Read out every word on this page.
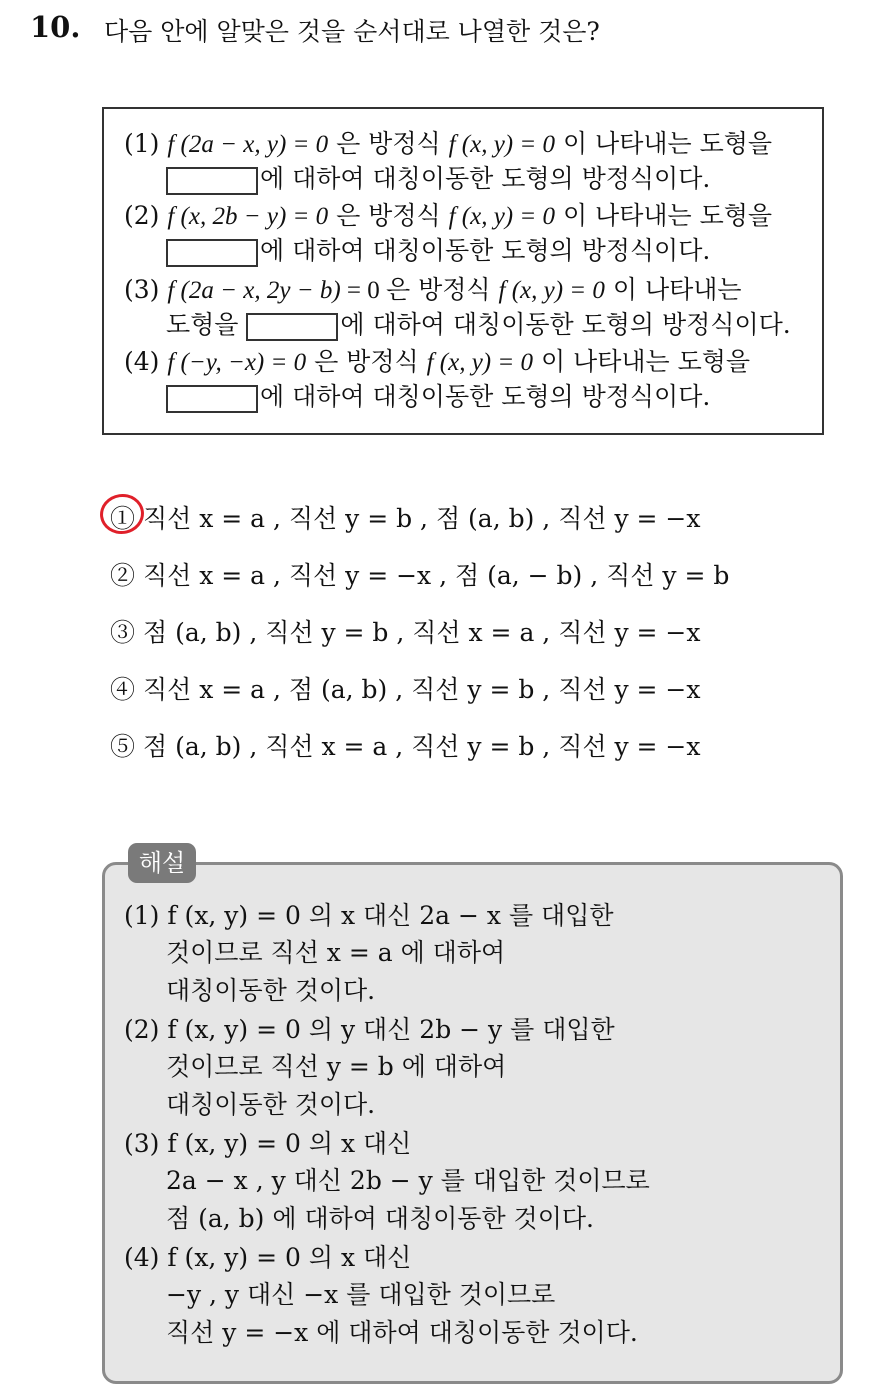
10. 다음 안에 알맞은 것을 순서대로 나열한 것은?
(1) f (2a − x, y) = 0 은 방정식 f (x, y) = 0 이 나타내는 도형을
에 대하여 대칭이동한 도형의 방정식이다.
(2) f (x, 2b − y) = 0 은 방정식 f (x, y) = 0 이 나타내는 도형을
에 대하여 대칭이동한 도형의 방정식이다.
(3) f (2a − x, 2y − b) = 0 은 방정식 f (x, y) = 0 이 나타내는
도형을	에 대하여 대칭이동한 도형의 방정식이다.
(4) f (−y, −x) = 0 은 방정식 f (x, y) = 0 이 나타내는 도형을
에 대하여 대칭이동한 도형의 방정식이다.
① 직선 x = a , 직선 y = b , 점 (a, b) , 직선 y = −x
② 직선 x = a , 직선 y = −x , 점 (a, − b) , 직선 y = b
③ 점 (a, b) , 직선 y = b , 직선 x = a , 직선 y = −x
④ 직선 x = a , 점 (a, b) , 직선 y = b , 직선 y = −x
⑤ 점 (a, b) , 직선 x = a , 직선 y = b , 직선 y = −x
해설
(1) f (x, y) = 0 의 x 대신 2a − x 를 대입한
것이므로 직선 x = a 에 대하여
대칭이동한 것이다.
(2) f (x, y) = 0 의 y 대신 2b − y 를 대입한
것이므로 직선 y = b 에 대하여
대칭이동한 것이다.
(3) f (x, y) = 0 의 x 대신
2a − x , y 대신 2b − y 를 대입한 것이므로
점 (a, b) 에 대하여 대칭이동한 것이다.
(4) f (x, y) = 0 의 x 대신
−y , y 대신 −x 를 대입한 것이므로
직선 y = −x 에 대하여 대칭이동한 것이다.
